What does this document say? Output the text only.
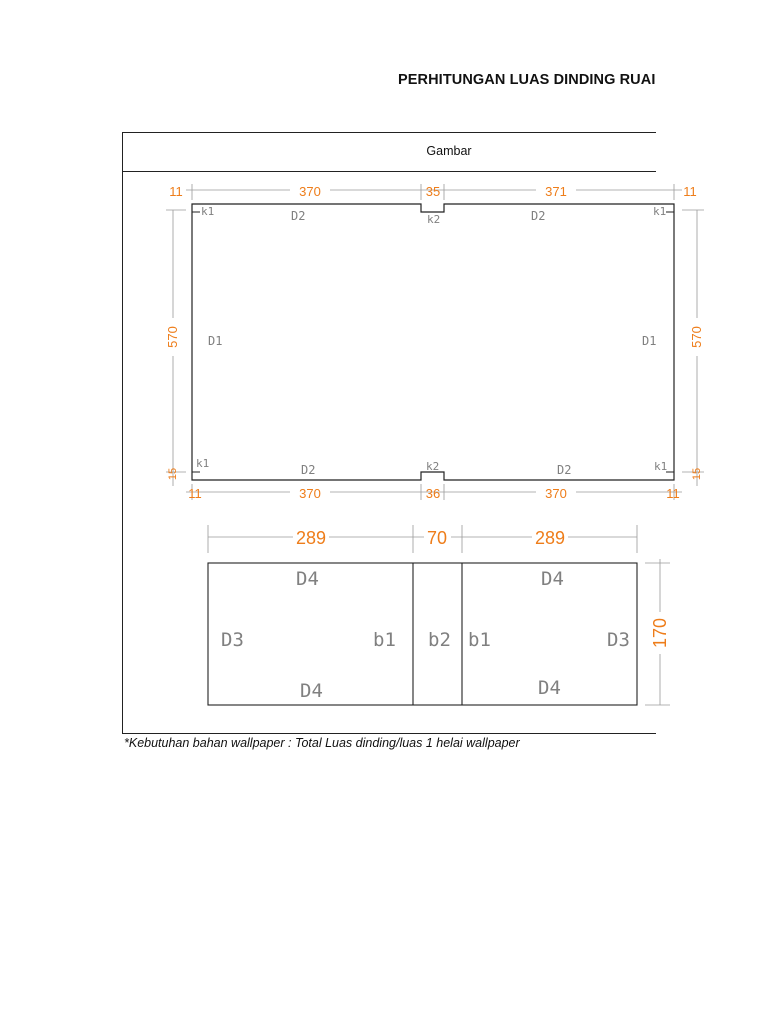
PERHITUNGAN LUAS DINDING RUAI
Gambar
11	370	35	371	11
11	370	36	370	11
570
15
570
15
k1	k1
k1	k1
k2
k2
D2	D2
D2	D2
D1	D1
289	70	289
170
D4	D4
D4	D4
D3	D3
b1 b2 b1
*Kebutuhan bahan wallpaper : Total Luas dinding/luas 1 helai wallpaper
